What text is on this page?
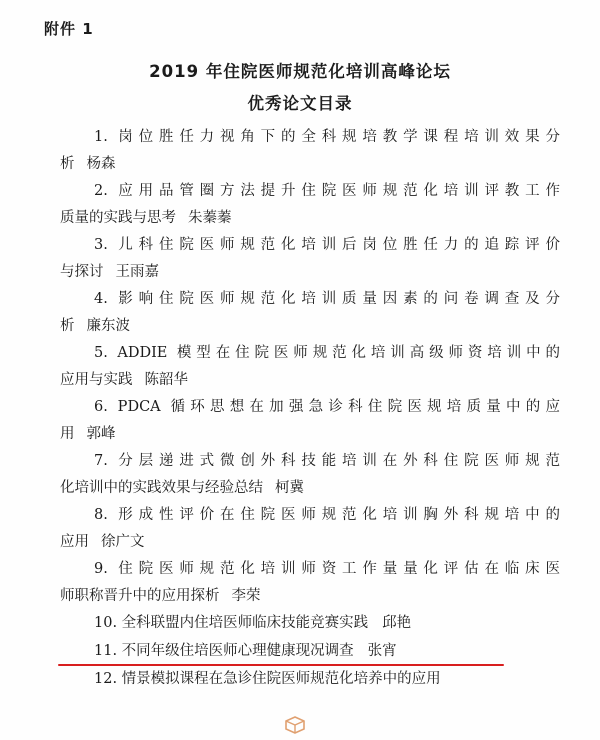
附件 1
2019 年住院医师规范化培训高峰论坛
优秀论文目录
1. 岗位胜任力视角下的全科规培教学课程培训效果分
析 杨森
2. 应用品管圈方法提升住院医师规范化培训评教工作
质量的实践与思考 朱蓁蓁
3. 儿科住院医师规范化培训后岗位胜任力的追踪评价
与探讨 王雨嘉
4. 影响住院医师规范化培训质量因素的问卷调查及分
析 廉东波
5. ADDIE 模型在住院医师规范化培训高级师资培训中的
应用与实践 陈韶华
6. PDCA 循环思想在加强急诊科住院医规培质量中的应
用 郭峰
7. 分层递进式微创外科技能培训在外科住院医师规范
化培训中的实践效果与经验总结 柯冀
8. 形成性评价在住院医师规范化培训胸外科规培中的
应用 徐广文
9. 住院医师规范化培训师资工作量量化评估在临床医
师职称晋升中的应用探析 李荣
10. 全科联盟内住培医师临床技能竞赛实践 邱艳
11. 不同年级住培医师心理健康现况调查 张宵
12. 情景模拟课程在急诊住院医师规范化培养中的应用
